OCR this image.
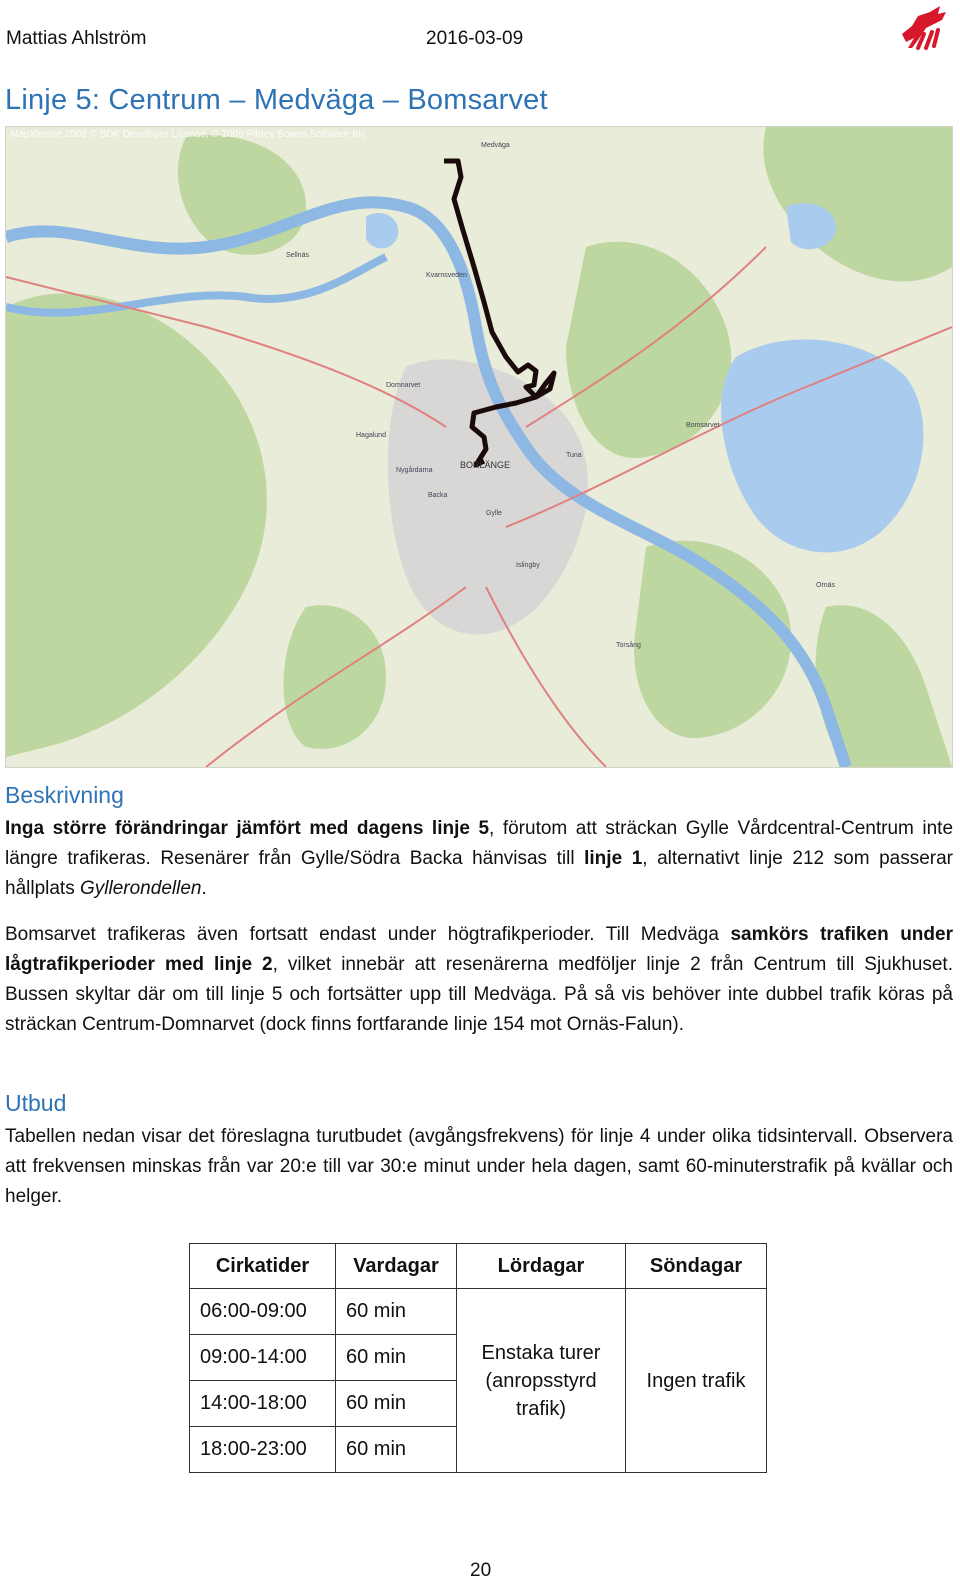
Mattias Ahlström	2016-03-09
Linje 5: Centrum – Medväga – Bomsarvet
BORLÄNGE
Bomsarvet
Kvarnsveden
Medväga
Gylle
Backa
Tuna
Ornäs
Domnarvet
Sellnäs
Hagalund
Nygårdarna
Islingby
Torsång
MapXtreme 2008 © SDK Developer License, © 2009 Pitney Bowes Software Inc
Beskrivning

Inga större förändringar jämfört med dagens linje 5, förutom att sträckan Gylle Vårdcentral-Centrum inte längre trafikeras. Resenärer från Gylle/Södra Backa hänvisas till linje 1, alternativt linje 212 som passerar hållplats Gyllerondellen.

Bomsarvet trafikeras även fortsatt endast under högtrafikperioder. Till Medväga samkörs trafiken under lågtrafikperioder med linje 2, vilket innebär att resenärerna medföljer linje 2 från Centrum till Sjukhuset. Bussen skyltar där om till linje 5 och fortsätter upp till Medväga. På så vis behöver inte dubbel trafik köras på sträckan Centrum-Domnarvet (dock finns fortfarande linje 154 mot Ornäs-Falun).

Utbud

Tabellen nedan visar det föreslagna turutbudet (avgångsfrekvens) för linje 4 under olika tidsintervall. Observera att frekvensen minskas från var 20:e till var 30:e minut under hela dagen, samt 60-minuterstrafik på kvällar och helger.

Cirkatider	Vardagar	Lördagar	Söndagar
06:00-09:00	60 min	Enstaka turer (anropsstyrd trafik)	Ingen trafik
09:00-14:00	60 min		
14:00-18:00	60 min		
18:00-23:00	60 min		
20
